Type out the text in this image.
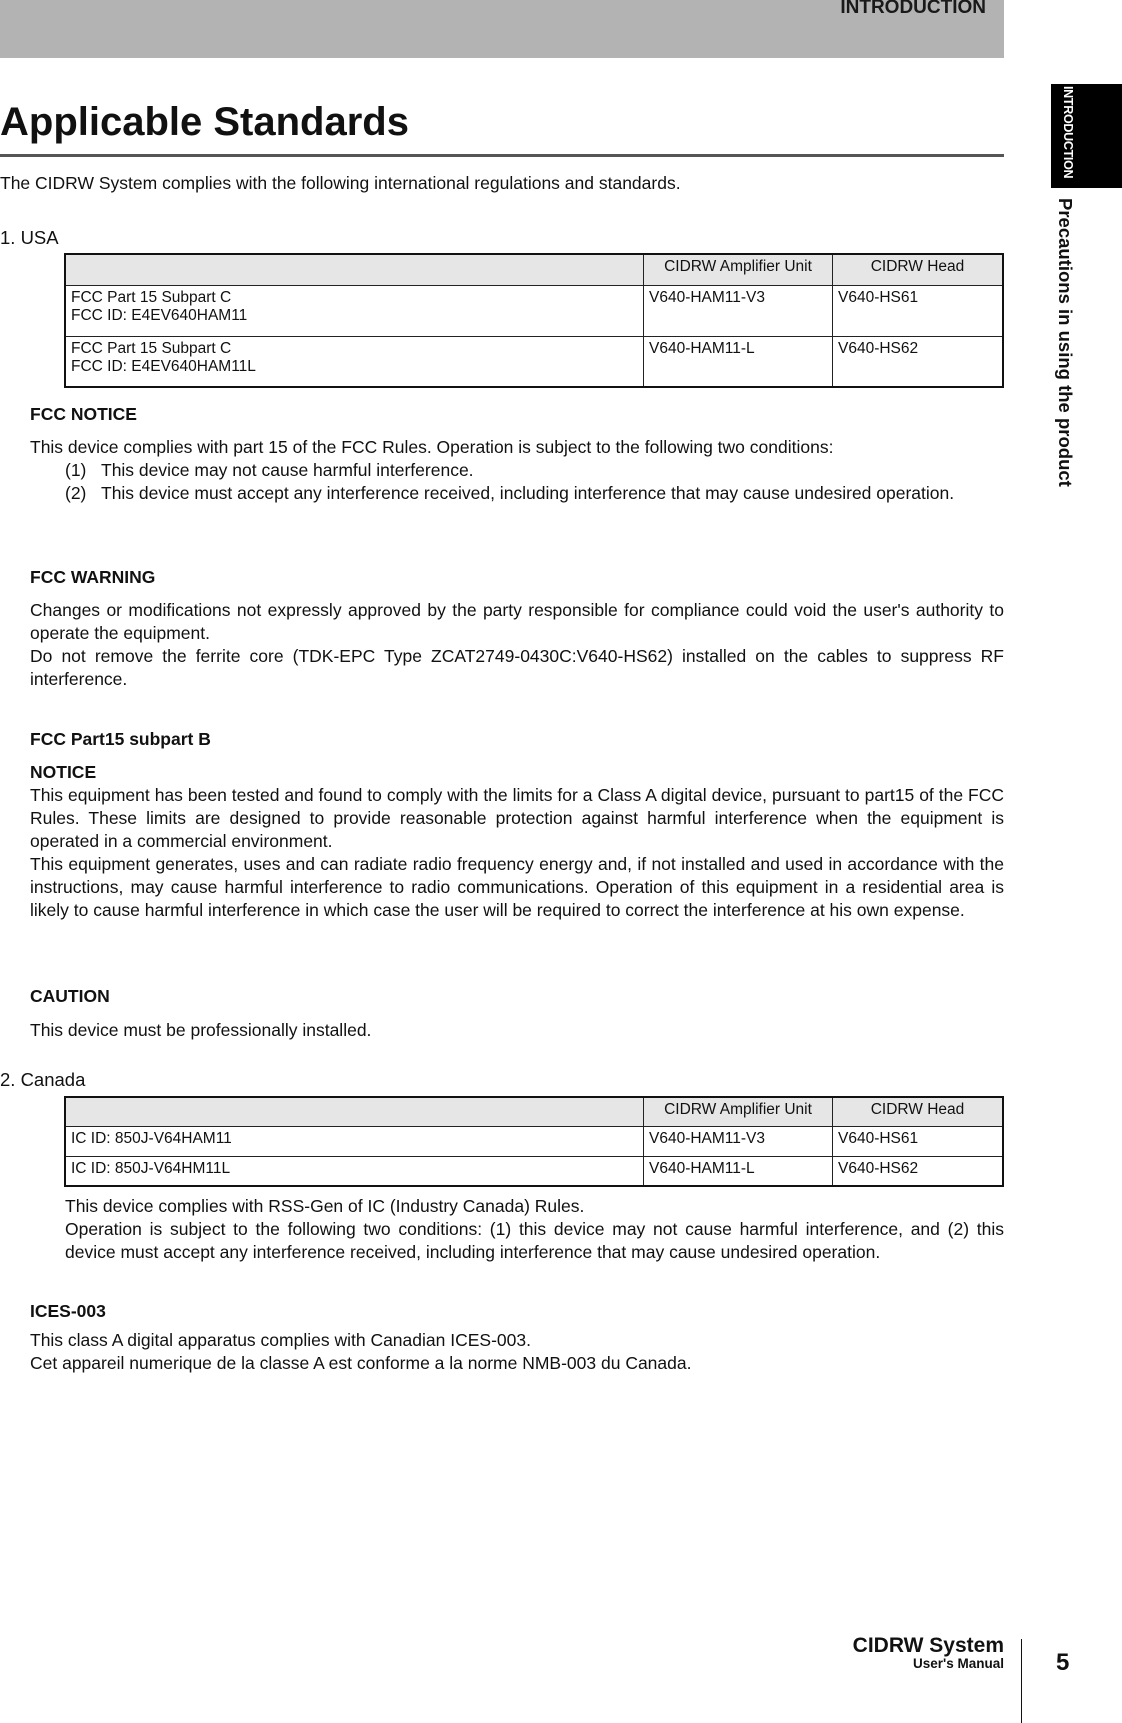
INTRODUCTION
INTRODUCTION
Precautions in using the product
Applicable Standards
The CIDRW System complies with the following international regulations and standards.
1. USA
	CIDRW Amplifier Unit	CIDRW Head

FCC Part 15 Subpart C
FCC ID: E4EV640HAM11	V640-HAM11-V3	V640-HS61

FCC Part 15 Subpart C
FCC ID: E4EV640HAM11L	V640-HAM11-L	V640-HS62
FCC NOTICE
This device complies with part 15 of the FCC Rules. Operation is subject to the following two conditions:
(1) This device may not cause harmful interference.
(2) This device must accept any interference received, including interference that may cause undesired operation.
FCC WARNING
Changes or modifications not expressly approved by the party responsible for compliance could void the user's authority to operate the equipment.
Do not remove the ferrite core (TDK-EPC Type ZCAT2749-0430C:V640-HS62) installed on the cables to suppress RF interference.
FCC Part15 subpart B
NOTICE
This equipment has been tested and found to comply with the limits for a Class A digital device, pursuant to part15 of the FCC Rules. These limits are designed to provide reasonable protection against harmful interference when the equipment is operated in a commercial environment.
This equipment generates, uses and can radiate radio frequency energy and, if not installed and used in accordance with the instructions, may cause harmful interference to radio communications. Operation of this equipment in a residential area is likely to cause harmful interference in which case the user will be required to correct the interference at his own expense.
CAUTION
This device must be professionally installed.
2. Canada
	CIDRW Amplifier Unit	CIDRW Head
IC ID: 850J-V64HAM11	V640-HAM11-V3	V640-HS61
IC ID: 850J-V64HM11L	V640-HAM11-L	V640-HS62
This device complies with RSS-Gen of IC (Industry Canada) Rules.
Operation is subject to the following two conditions: (1) this device may not cause harmful interference, and (2) this device must accept any interference received, including interference that may cause undesired operation.
ICES-003
This class A digital apparatus complies with Canadian ICES-003.
Cet appareil numerique de la classe A est conforme a la norme NMB-003 du Canada.
CIDRW System
User's Manual 5
